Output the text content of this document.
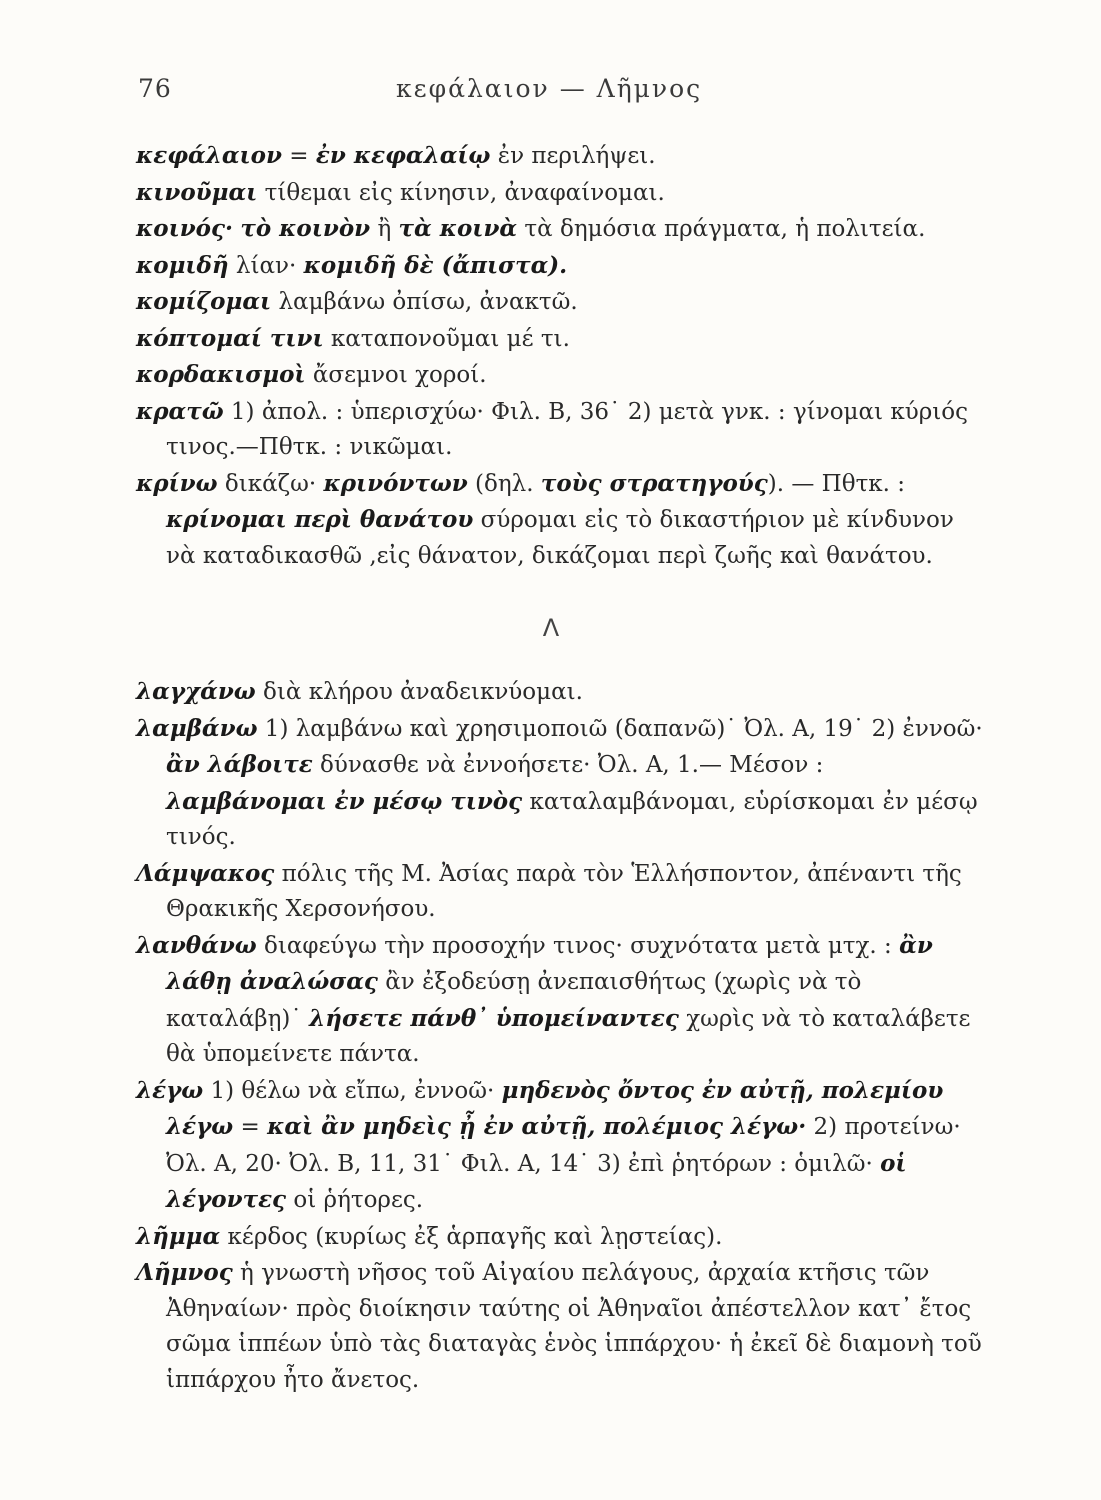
76	κεφάλαιον — Λῆμνος

κεφάλαιον = ἐν κεφαλαίῳ ἐν περιλήψει.

κινοῦμαι τίθεμαι εἰς κίνησιν, ἀναφαίνομαι.

κοινός· τὸ κοινὸν ἢ τὰ κοινὰ τὰ δημόσια πράγματα, ἡ πολιτεία.

κομιδῆ λίαν· κομιδῆ δὲ (ἄπιστα).

κομίζομαι λαμβάνω ὀπίσω, ἀνακτῶ.

κόπτομαί τινι καταπονοῦμαι μέ τι.

κορδακισμοὶ ἄσεμνοι χοροί.

κρατῶ 1) ἀπολ. : ὑπερισχύω· Φιλ. Β, 36˙ 2) μετὰ γνκ. : γίνομαι κύριός τινος.—Πθτκ. : νικῶμαι.

κρίνω δικάζω· κρινόντων (δηλ. τοὺς στρατηγούς). — Πθτκ. : κρίνομαι περὶ θανάτου σύρομαι εἰς τὸ δικαστήριον μὲ κίνδυνον νὰ καταδικασθῶ ,εἰς θάνατον, δικάζομαι περὶ ζωῆς καὶ θανάτου.

Λ

λαγχάνω διὰ κλήρου ἀναδεικνύομαι.

λαμβάνω 1) λαμβάνω καὶ χρησιμοποιῶ (δαπανῶ)˙ Ὀλ. Α, 19˙ 2) ἐννοῶ· ἂν λάβοιτε δύνασθε νὰ ἐννοήσετε· Ὀλ. Α, 1.— Μέσον : λαμβάνομαι ἐν μέσῳ τινὸς καταλαμβάνομαι, εὑρίσκομαι ἐν μέσῳ τινός.

Λάμψακος πόλις τῆς Μ. Ἀσίας παρὰ τὸν Ἑλλήσποντον, ἀπέναντι τῆς Θρακικῆς Χερσονήσου.

λανθάνω διαφεύγω τὴν προσοχήν τινος· συχνότατα μετὰ μτχ. : ἂν λάθῃ ἀναλώσας ἂν ἐξοδεύσῃ ἀνεπαισθήτως (χωρὶς νὰ τὸ καταλάβῃ)˙ λήσετε πάνθ᾽ ὑπομείναντες χωρὶς νὰ τὸ καταλάβετε θὰ ὑπομείνετε πάντα.

λέγω 1) θέλω νὰ εἴπω, ἐννοῶ· μηδενὸς ὄντος ἐν αὐτῇ, πολεμίου λέγω = καὶ ἂν μηδεὶς ᾖ ἐν αὐτῇ, πολέμιος λέγω· 2) προτείνω· Ὀλ. Α, 20· Ὀλ. Β, 11, 31˙ Φιλ. Α, 14˙ 3) ἐπὶ ῥητόρων : ὁμιλῶ· οἱ λέγοντες οἱ ῥήτορες.

λῆμμα κέρδος (κυρίως ἐξ ἁρπαγῆς καὶ λῃστείας).

Λῆμνος ἡ γνωστὴ νῆσος τοῦ Αἰγαίου πελάγους, ἀρχαία κτῆσις τῶν Ἀθηναίων· πρὸς διοίκησιν ταύτης οἱ Ἀθηναῖοι ἀπέστελλον κατ᾽ ἔτος σῶμα ἱππέων ὑπὸ τὰς διαταγὰς ἑνὸς ἱππάρχου· ἡ ἐκεῖ δὲ διαμονὴ τοῦ ἱππάρχου ἦτο ἄνετος.
